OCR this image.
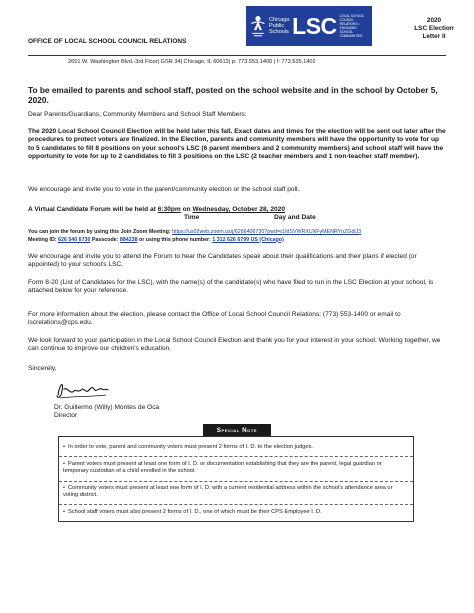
Chicago
Public
Schools LSC LOCAL SCHOOL COUNCIL RELATIONS • ENGAGING SCHOOL COMMUNITIES
2020
LSC Election
Letter II
OFFICE OF LOCAL SCHOOL COUNCIL RELATIONS
2651 W. Washington Blvd.-3rd Floor| GSR 34| Chicago, IL 60612| p: 773.553.1400 | f: 773.535.1402
To be emailed to parents and school staff, posted on the school website and in the school by October 5, 2020.
Dear Parents/Guardians, Community Members and School Staff Members:
The 2020 Local School Council Election will be held later this fall. Exact dates and times for the election will be sent out later after the procedures to protect voters are finalized. In the Election, parents and community members will have the opportunity to vote for up to 5 candidates to fill 8 positions on your school's LSC (6 parent members and 2 community members) and school staff will have the opportunity to vote for up to 2 candidates to fill 3 positions on the LSC (2 teacher members and 1 non-teacher staff member).
We encourage and invite you to vote in the parent/community election or the school staff poll.
A Virtual Candidate Forum will be held at 6:30pm on Wednesday, October 28, 2020
Time	Day and Date
You can join the forum by using this Join Zoom Meeting: https://us02web.zoom.us/j/6266406730?pwd=cUdSVWRXUXFyMENRYnZGdlJ3
Meeting ID: 626 540 6730 Passcode: 884238 or using this phone number: 1 312 626 6799 US (Chicago)
We encourage and invite you to attend the Forum to hear the Candidates speak about their qualifications and their plans if elected (or appointed) to your school's LSC.
Form 8-20 (List of Candidates for the LSC), with the name(s) of the candidate(s) who have filed to run in the LSC Election at your school, is attached below for your reference.
For more information about the election, please contact the Office of Local School Council Relations: (773) 553-1400 or email to lscrelations@cps.edu.
We look forward to your participation in the Local School Council Election and thank you for your interest in your school. Working together, we can continue to improve our children's education.
Sincerely,
Dr. Guillermo (Willy) Montes de Oca
Director
• In order to vote, parent and community voters must present 2 forms of I. D. to the election judges.
• Parent voters must present at least one form of I. D. or documentation establishing that they are the parent, legal guardian or temporary custodian of a child enrolled in the school.
• Community voters must present at least one form of I. D. with a current residential address within the school's attendance area or voting district.
• School staff voters must also present 2 forms of I. D., one of which must be their CPS Employee I. D.
Special Note
